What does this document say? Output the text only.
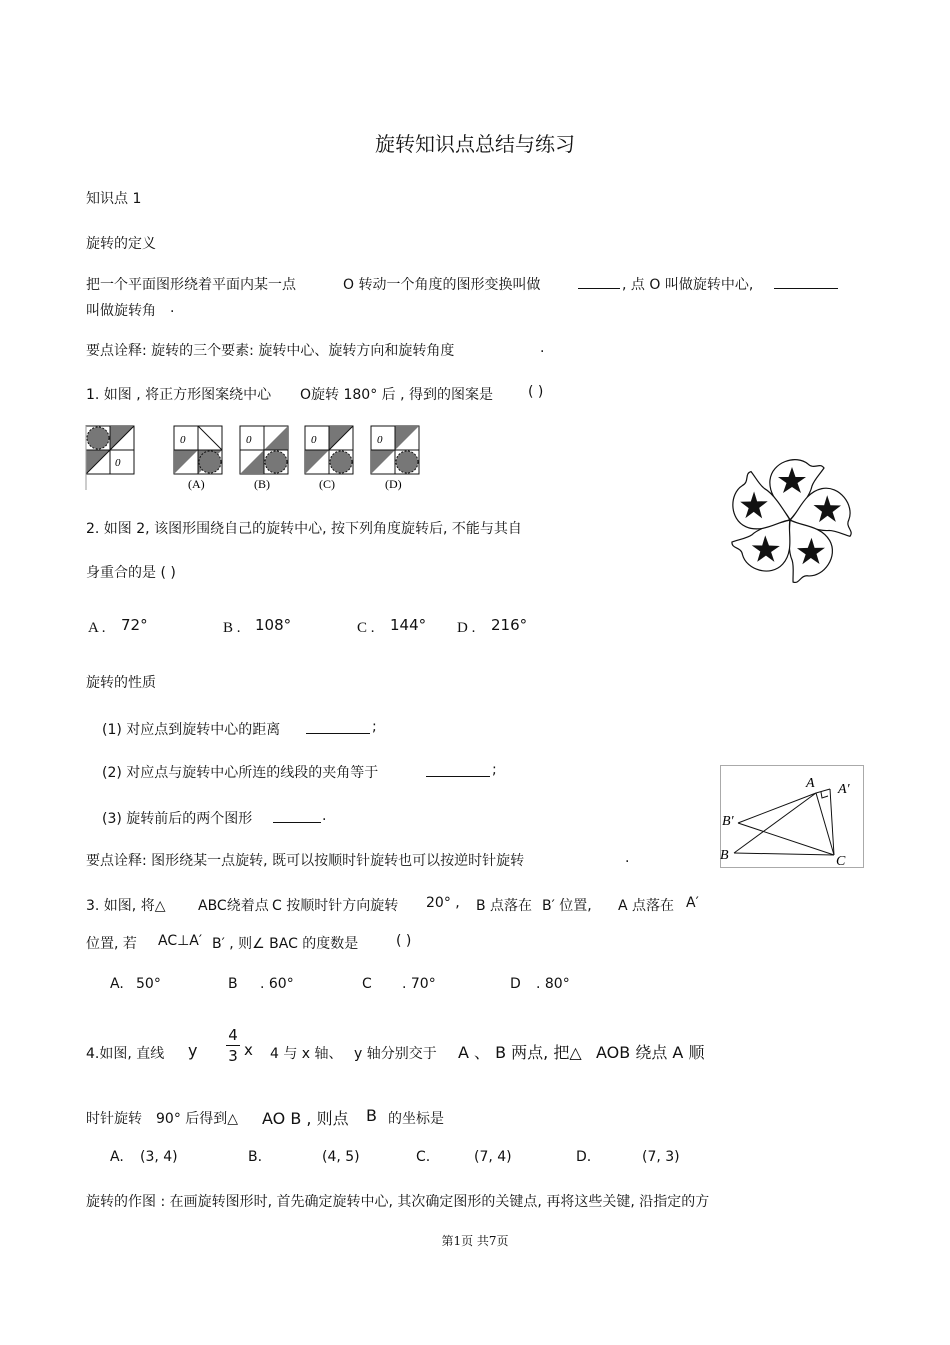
旋转知识点总结与练习
知识点 1
旋转的定义
把一个平面图形绕着平面内某一点	O 转动一个角度的图形变换叫做	, 点 O 叫做旋转中心,
叫做旋转角 .
要点诠释: 旋转的三个要素: 旋转中心、旋转方向和旋转角度	.
1. 如图 , 将正方形图案绕中心 O旋转 180° 后 , 得到的图案是	( )
0
0
(A)
0
(B)
0
(C)
0
(D)
2. 如图 2, 该图形围绕自己的旋转中心, 按下列角度旋转后, 不能与其自
身重合的是 ( )
A . 72°	B . 108°	C . 144° D . 216°
旋转的性质
(1) 对应点到旋转中心的距离	;
(2) 对应点与旋转中心所连的线段的夹角等于	;
(3) 旋转前后的两个图形	.
A A′
B′
B	C
要点诠释: 图形绕某一点旋转, 既可以按顺时针旋转也可以按逆时针旋转	.
3. 如图, 将△ ABC绕着点 C 按顺时针方向旋转 20° , B 点落在 B′ 位置, A 点落在 A′
位置, 若 AC⊥A′ B′ , 则∠ BAC 的度数是	( )
A. 50°	B . 60°	C . 70°	D . 80°
4.如图, 直线 y
4
3 x 4 与 x 轴、 y 轴分别交于 A 、 B 两点, 把△ AOB 绕点 A 顺
时针旋转 90° 后得到△ AO B , 则点 B 的坐标是
A. (3, 4)	B.	(4, 5)	C.	(7, 4)	D.	(7, 3)
旋转的作图 : 在画旋转图形时, 首先确定旋转中心, 其次确定图形的关键点, 再将这些关键, 沿指定的方
第1页 共7页
